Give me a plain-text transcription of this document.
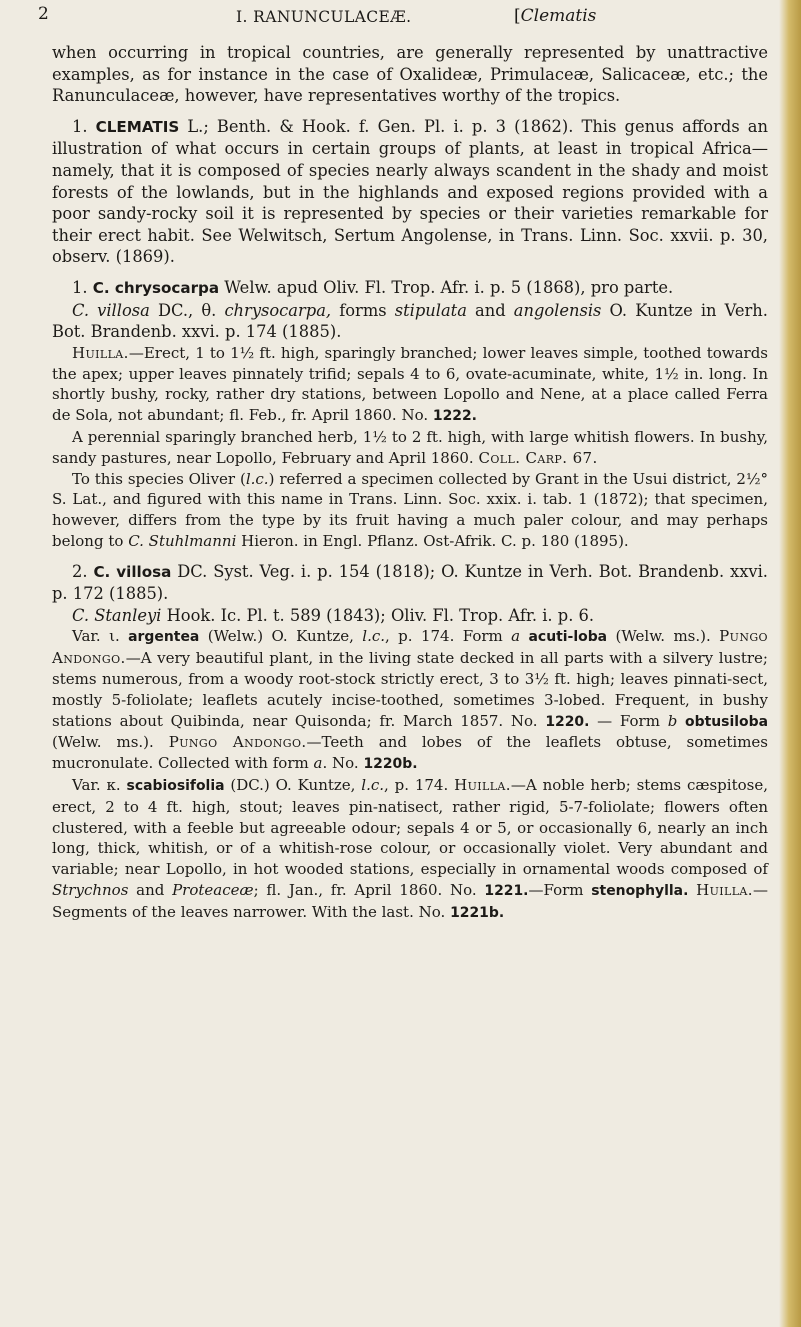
2	I. RANUNCULACEÆ.	[Clematis

when occurring in tropical countries, are generally represented by unattractive examples, as for instance in the case of Oxalideæ, Primulaceæ, Salicaceæ, etc.; the Ranunculaceæ, however, have representatives worthy of the tropics.

1. CLEMATIS L.; Benth. & Hook. f. Gen. Pl. i. p. 3 (1862). This genus affords an illustration of what occurs in certain groups of plants, at least in tropical Africa—namely, that it is composed of species nearly always scandent in the shady and moist forests of the lowlands, but in the highlands and exposed regions provided with a poor sandy-rocky soil it is represented by species or their varieties remarkable for their erect habit. See Welwitsch, Sertum Angolense, in Trans. Linn. Soc. xxvii. p. 30, observ. (1869).

1. C. chrysocarpa Welw. apud Oliv. Fl. Trop. Afr. i. p. 5 (1868), pro parte.

C. villosa DC., θ. chrysocarpa, forms stipulata and angolensis O. Kuntze in Verh. Bot. Brandenb. xxvi. p. 174 (1885).

Huilla.—Erect, 1 to 1½ ft. high, sparingly branched; lower leaves simple, toothed towards the apex; upper leaves pinnately trifid; sepals 4 to 6, ovate-acuminate, white, 1½ in. long. In shortly bushy, rocky, rather dry stations, between Lopollo and Nene, at a place called Ferra de Sola, not abundant; fl. Feb., fr. April 1860. No. 1222.

A perennial sparingly branched herb, 1½ to 2 ft. high, with large whitish flowers. In bushy, sandy pastures, near Lopollo, February and April 1860. Coll. Carp. 67.

To this species Oliver (l.c.) referred a specimen collected by Grant in the Usui district, 2½° S. Lat., and figured with this name in Trans. Linn. Soc. xxix. i. tab. 1 (1872); that specimen, however, differs from the type by its fruit having a much paler colour, and may perhaps belong to C. Stuhlmanni Hieron. in Engl. Pflanz. Ost-Afrik. C. p. 180 (1895).

2. C. villosa DC. Syst. Veg. i. p. 154 (1818); O. Kuntze in Verh. Bot. Brandenb. xxvi. p. 172 (1885).

C. Stanleyi Hook. Ic. Pl. t. 589 (1843); Oliv. Fl. Trop. Afr. i. p. 6.

Var. ι. argentea (Welw.) O. Kuntze, l.c., p. 174. Form a acuti-loba (Welw. ms.). Pungo Andongo.—A very beautiful plant, in the living state decked in all parts with a silvery lustre; stems numerous, from a woody root-stock strictly erect, 3 to 3½ ft. high; leaves pinnati-sect, mostly 5-foliolate; leaflets acutely incise-toothed, sometimes 3-lobed. Frequent, in bushy stations about Quibinda, near Quisonda; fr. March 1857. No. 1220. — Form b obtusiloba (Welw. ms.). Pungo Andongo.—Teeth and lobes of the leaflets obtuse, sometimes mucronulate. Collected with form a. No. 1220b.

Var. κ. scabiosifolia (DC.) O. Kuntze, l.c., p. 174. Huilla.—A noble herb; stems cæspitose, erect, 2 to 4 ft. high, stout; leaves pin-natisect, rather rigid, 5-7-foliolate; flowers often clustered, with a feeble but agreeable odour; sepals 4 or 5, or occasionally 6, nearly an inch long, thick, whitish, or of a whitish-rose colour, or occasionally violet. Very abundant and variable; near Lopollo, in hot wooded stations, especially in ornamental woods composed of Strychnos and Proteaceæ; fl. Jan., fr. April 1860. No. 1221.—Form stenophylla. Huilla.—Segments of the leaves narrower. With the last. No. 1221b.
